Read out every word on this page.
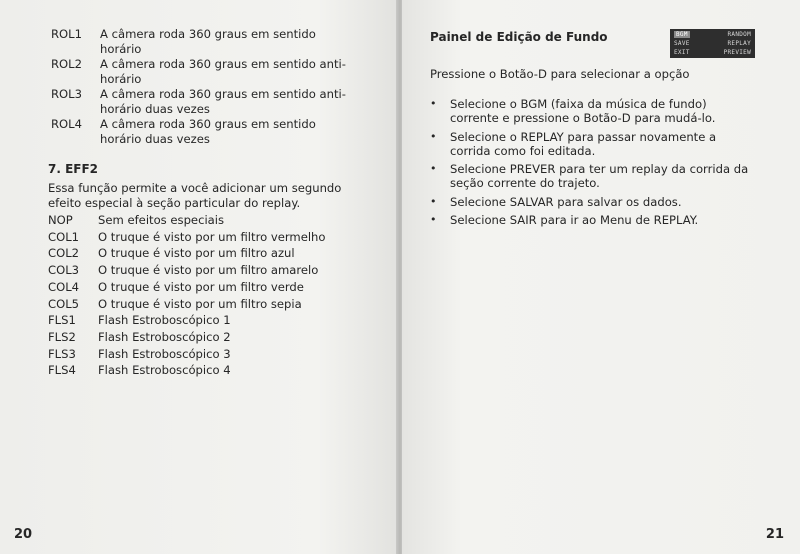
ROL1	A câmera roda 360 graus em sentido
horário
ROL2	A câmera roda 360 graus em sentido anti-
horário
ROL3	A câmera roda 360 graus em sentido anti-
horário duas vezes
ROL4	A câmera roda 360 graus em sentido
horário duas vezes
7. EFF2

Essa função permite a você adicionar um segundo efeito especial à seção particular do replay.

NOP	Sem efeitos especiais
COL1	O truque é visto por um filtro vermelho
COL2	O truque é visto por um filtro azul
COL3	O truque é visto por um filtro amarelo
COL4	O truque é visto por um filtro verde
COL5	O truque é visto por um filtro sepia
FLS1	Flash Estroboscópico 1
FLS2	Flash Estroboscópico 2
FLS3	Flash Estroboscópico 3
FLS4	Flash Estroboscópico 4

20

Painel de Edição de Fundo	BGM	RANDOM
SAVE	REPLAY
EXIT	PREVIEW

Pressione o Botão-D para selecionar a opção

•	Selecione o BGM (faixa da música de fundo) corrente e pressione o Botão-D para mudá-lo.
•	Selecione o REPLAY para passar novamente a corrida como foi editada.
•	Selecione PREVER para ter um replay da corrida da seção corrente do trajeto.
•	Selecione SALVAR para salvar os dados.
•	Selecione SAIR para ir ao Menu de REPLAY.

21
